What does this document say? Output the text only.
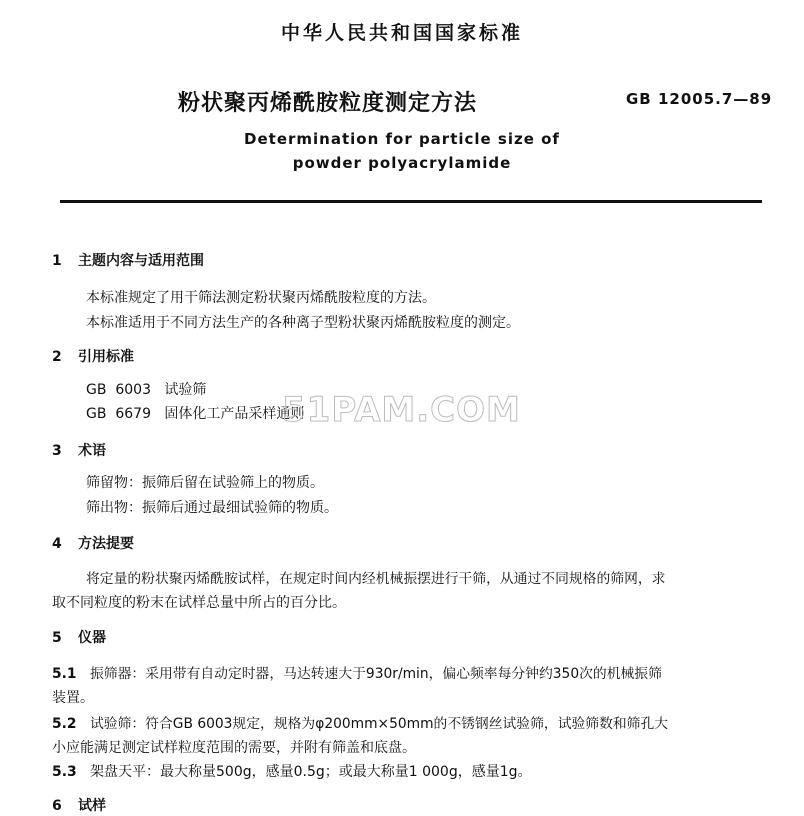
中华人民共和国国家标准
粉状聚丙烯酰胺粒度测定方法	GB 12005.7—89
Determination for particle size of
powder polyacrylamide
1 主题内容与适用范围
本标准规定了用干筛法测定粉状聚丙烯酰胺粒度的方法。
本标准适用于不同方法生产的各种离子型粉状聚丙烯酰胺粒度的测定。
2 引用标准
GB  6003   试验筛
GB  6679   固体化工产品采样通则
51PAM.COM
3 术语
筛留物：振筛后留在试验筛上的物质。
筛出物：振筛后通过最细试验筛的物质。
4 方法提要
将定量的粉状聚丙烯酰胺试样，在规定时间内经机械振摆进行干筛，从通过不同规格的筛网，求
取不同粒度的粉末在试样总量中所占的百分比。
5 仪器
5.1 振筛器：采用带有自动定时器，马达转速大于930r/min，偏心频率每分钟约350次的机械振筛
装置。
5.2 试验筛：符合GB 6003规定，规格为φ200mm×50mm的不锈钢丝试验筛，试验筛数和筛孔大
小应能满足测定试样粒度范围的需要，并附有筛盖和底盘。
5.3 架盘天平：最大称量500g，感量0.5g；或最大称量1 000g，感量1g。
6 试样
